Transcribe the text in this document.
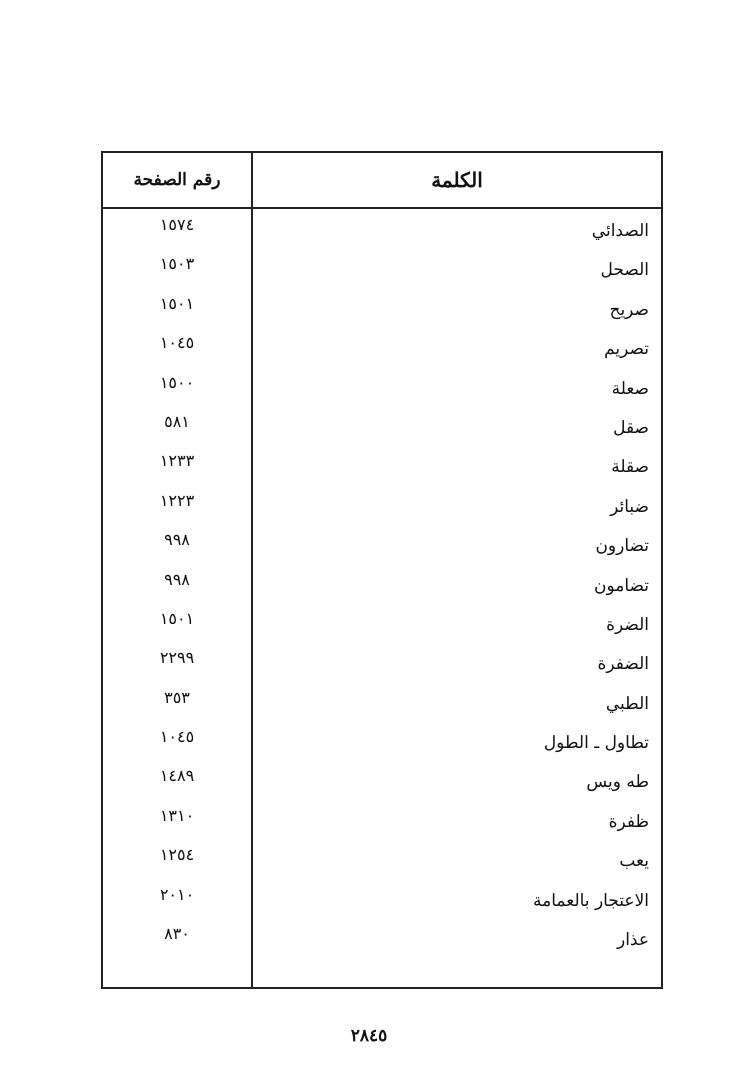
الكلمة
رقم الصفحة
الصدائي
١٥٧٤
الصحل
١٥٠٣
صريح
١٥٠١
تصريم
١٠٤٥
صعلة
١٥٠٠
صقل
٥٨١
صقلة
١٢٣٣
ضبائر
١٢٢٣
تضارون
٩٩٨
تضامون
٩٩٨
الضرة
١٥٠١
الضفرة
٢٢٩٩
الطبي
٣٥٣
تطاول ـ الطول
١٠٤٥
طه ويس
١٤٨٩
ظفرة
١٣١٠
يعب
١٢٥٤
الاعتجار بالعمامة
٢٠١٠
عذار
٨٣٠
٢٨٤٥
